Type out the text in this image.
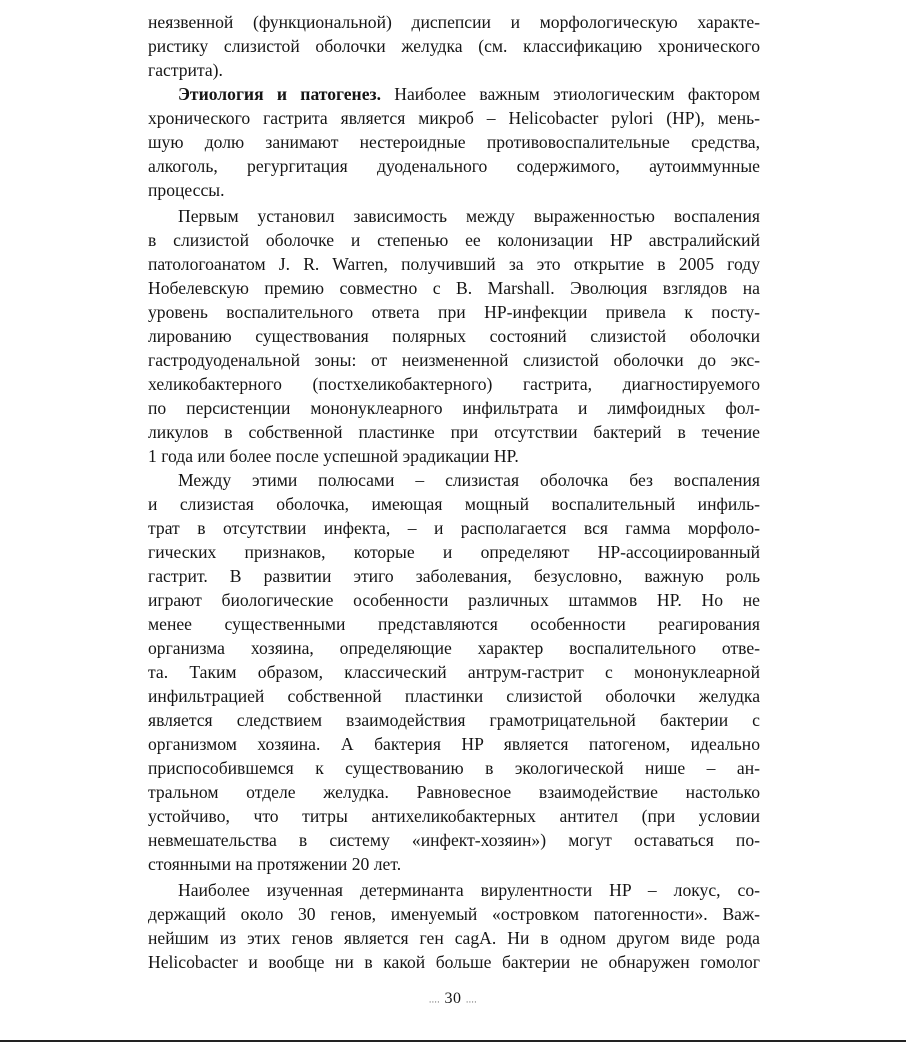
неязвенной (функциональной) диспепсии и морфологическую характе-
ристику слизистой оболочки желудка (см. классификацию хронического
гастрита).
Этиология и патогенез. Наиболее важным этиологическим фактором
хронического гастрита является микроб – Helicobacter pylori (HP), мень-
шую долю занимают нестероидные противовоспалительные средства,
алкоголь, регургитация дуоденального содержимого, аутоиммунные
процессы.
Первым установил зависимость между выраженностью воспаления
в слизистой оболочке и степенью ее колонизации HP австралийский
патологоанатом J. R. Warren, получивший за это открытие в 2005 году
Нобелевскую премию совместно с B. Marshall. Эволюция взглядов на
уровень воспалительного ответа при HP-инфекции привела к посту-
лированию существования полярных состояний слизистой оболочки
гастродуоденальной зоны: от неизмененной слизистой оболочки до экс-
хеликобактерного (постхеликобактерного) гастрита, диагностируемого
по персистенции мононуклеарного инфильтрата и лимфоидных фол-
ликулов в собственной пластинке при отсутствии бактерий в течение
1 года или более после успешной эрадикации HP.
Между этими полюсами – слизистая оболочка без воспаления
и слизистая оболочка, имеющая мощный воспалительный инфиль-
трат в отсутствии инфекта, – и располагается вся гамма морфоло-
гических признаков, которые и определяют HP-ассоциированный
гастрит. В развитии этиго заболевания, безусловно, важную роль
играют биологические особенности различных штаммов HP. Но не
менее существенными представляются особенности реагирования
организма хозяина, определяющие характер воспалительного отве-
та. Таким образом, классический антрум-гастрит с мононуклеарной
инфильтрацией собственной пластинки слизистой оболочки желудка
является следствием взаимодействия грамотрицательной бактерии с
организмом хозяина. А бактерия HP является патогеном, идеально
приспособившемся к существованию в экологической нише – ан-
тральном отделе желудка. Равновесное взаимодействие настолько
устойчиво, что титры антихеликобактерных антител (при условии
невмешательства в систему «инфект-хозяин») могут оставаться по-
стоянными на протяжении 20 лет.
Наиболее изученная детерминанта вирулентности HP – локус, со-
держащий около 30 генов, именуемый «островком патогенности». Важ-
нейшим из этих генов является ген cagA. Ни в одном другом виде рода
Helicobacter и вообще ни в какой больше бактерии не обнаружен гомолог
.... 30 ....
